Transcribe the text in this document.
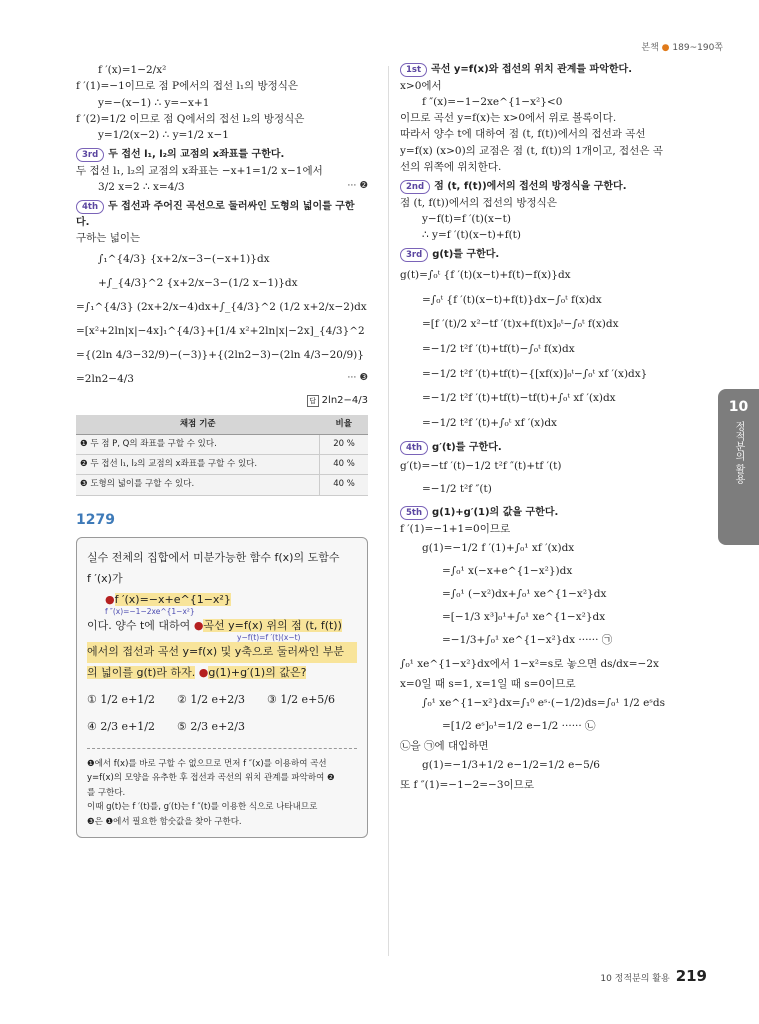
본책 ● 189~190쪽
f ′(x)=1−2/x²
f ′(1)=−1이므로 점 P에서의 접선 l₁의 방정식은
y=−(x−1) ∴ y=−x+1
f ′(2)=1/2 이므로 점 Q에서의 접선 l₂의 방정식은
y=1/2(x−2) ∴ y=1/2 x−1
3rd 두 접선 l₁, l₂의 교점의 x좌표를 구한다.
두 접선 l₁, l₂의 교점의 x좌표는 −x+1=1/2 x−1에서
3/2 x=2 ∴ x=4/3	··· ❷
4th 두 접선과 주어진 곡선으로 둘러싸인 도형의 넓이를 구한다.
구하는 넓이는
∫₁^{4/3} {x+2/x−3−(−x+1)}dx
+∫_{4/3}^2 {x+2/x−3−(1/2 x−1)}dx
=∫₁^{4/3} (2x+2/x−4)dx+∫_{4/3}^2 (1/2 x+2/x−2)dx
=[x²+2ln|x|−4x]₁^{4/3}+[1/4 x²+2ln|x|−2x]_{4/3}^2
={(2ln 4/3−32/9)−(−3)}+{(2ln2−3)−(2ln 4/3−20/9)}
=2ln2−4/3	··· ❸
답 2ln2−4/3
채점 기준	비율
❶ 두 점 P, Q의 좌표를 구할 수 있다.	20 %
❷ 두 접선 l₁, l₂의 교점의 x좌표를 구할 수 있다.	40 %
❸ 도형의 넓이를 구할 수 있다.	40 %
1279
실수 전체의 집합에서 미분가능한 함수 f(x)의 도함수
f ′(x)가
●f ′(x)=−x+e^{1−x²}
f ″(x)=−1−2xe^{1−x²}
이다. 양수 t에 대하여 ●곡선 y=f(x) 위의 점 (t, f(t))
y−f(t)=f ′(t)(x−t)
에서의 접선과 곡선 y=f(x) 및 y축으로 둘러싸인 부분
의 넓이를 g(t)라 하자. ●g(1)+g′(1)의 값은?
① 1/2 e+1/2	② 1/2 e+2/3	③ 1/2 e+5/6
④ 2/3 e+1/2	⑤ 2/3 e+2/3
❶에서 f(x)를 바로 구할 수 없으므로 먼저 f ″(x)를 이용하여 곡선
y=f(x)의 모양을 유추한 후 접선과 곡선의 위치 관계를 파악하여 ❷
를 구한다.
이때 g(t)는 f ′(t)를, g′(t)는 f ″(t)를 이용한 식으로 나타내므로
❸은 ❶에서 필요한 함숫값을 찾아 구한다.
1st 곡선 y=f(x)와 접선의 위치 관계를 파악한다.
x>0에서
f ″(x)=−1−2xe^{1−x²}<0
이므로 곡선 y=f(x)는 x>0에서 위로 볼록이다.
따라서 양수 t에 대하여 점 (t, f(t))에서의 접선과 곡선
y=f(x) (x>0)의 교점은 점 (t, f(t))의 1개이고, 접선은 곡
선의 위쪽에 위치한다.
2nd 점 (t, f(t))에서의 접선의 방정식을 구한다.
점 (t, f(t))에서의 접선의 방정식은
y−f(t)=f ′(t)(x−t)
∴ y=f ′(t)(x−t)+f(t)
3rd g(t)를 구한다.
g(t)=∫₀ᵗ {f ′(t)(x−t)+f(t)−f(x)}dx
=∫₀ᵗ {f ′(t)(x−t)+f(t)}dx−∫₀ᵗ f(x)dx
=[f ′(t)/2 x²−tf ′(t)x+f(t)x]₀ᵗ−∫₀ᵗ f(x)dx
=−1/2 t²f ′(t)+tf(t)−∫₀ᵗ f(x)dx
=−1/2 t²f ′(t)+tf(t)−{[xf(x)]₀ᵗ−∫₀ᵗ xf ′(x)dx}
=−1/2 t²f ′(t)+tf(t)−tf(t)+∫₀ᵗ xf ′(x)dx
=−1/2 t²f ′(t)+∫₀ᵗ xf ′(x)dx
4th g′(t)를 구한다.
g′(t)=−tf ′(t)−1/2 t²f ″(t)+tf ′(t)
=−1/2 t²f ″(t)
5th g(1)+g′(1)의 값을 구한다.
f ′(1)=−1+1=0이므로
g(1)=−1/2 f ′(1)+∫₀¹ xf ′(x)dx
=∫₀¹ x(−x+e^{1−x²})dx
=∫₀¹ (−x²)dx+∫₀¹ xe^{1−x²}dx
=[−1/3 x³]₀¹+∫₀¹ xe^{1−x²}dx
=−1/3+∫₀¹ xe^{1−x²}dx ······ ㉠
∫₀¹ xe^{1−x²}dx에서 1−x²=s로 놓으면 ds/dx=−2x
x=0일 때 s=1, x=1일 때 s=0이므로
∫₀¹ xe^{1−x²}dx=∫₁⁰ eˢ·(−1/2)ds=∫₀¹ 1/2 eˢds
=[1/2 eˢ]₀¹=1/2 e−1/2 ······ ㉡
㉡을 ㉠에 대입하면
g(1)=−1/3+1/2 e−1/2=1/2 e−5/6
또 f ″(1)=−1−2=−3이므로
10
정적분의 활용
10 정적분의 활용 219
